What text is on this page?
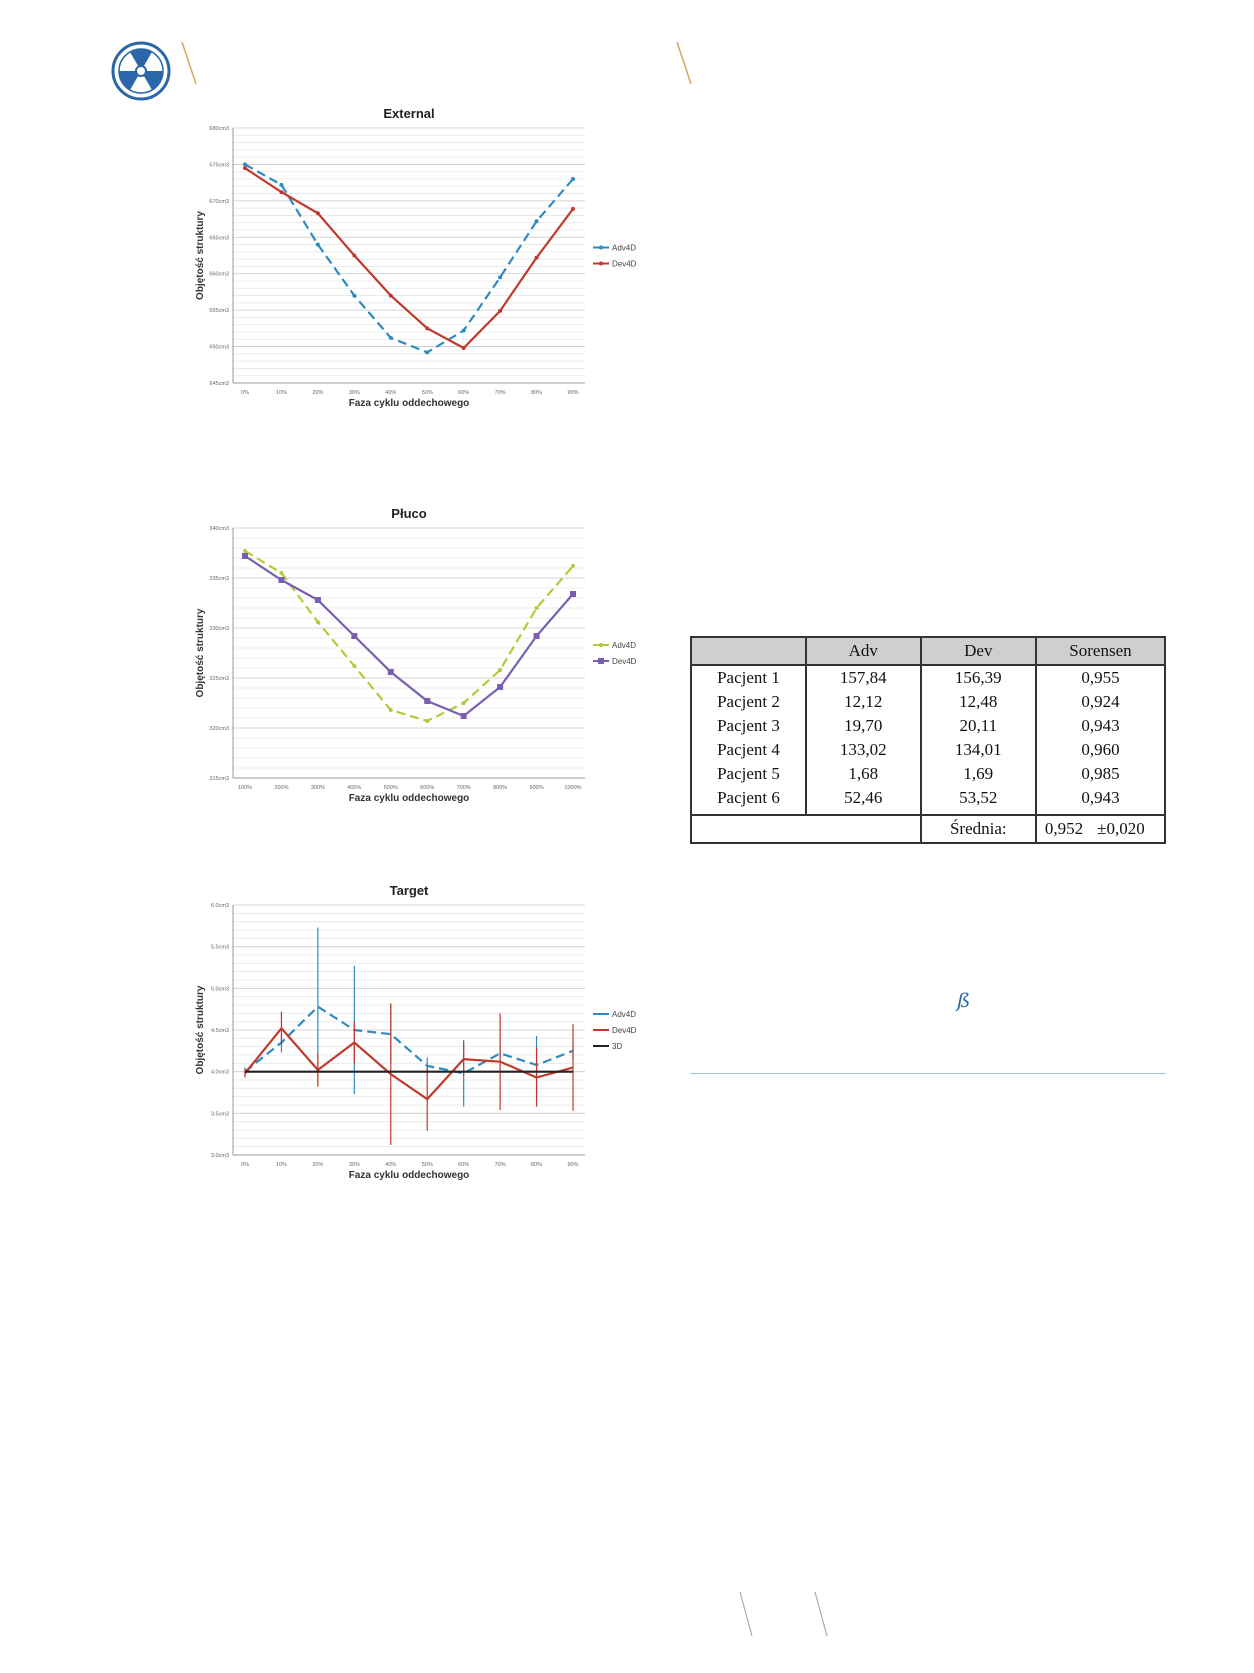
External
645cm3
650cm3
655cm3
660cm3
665cm3
670cm3
675cm3
680cm3
0%	10%	20%	30%	40%	50%	60%	70%	80%	90%
Faza cyklu oddechowego
Objętość struktury	Adv4D
Dev4D
Płuco
315cm3
320cm3
325cm3
330cm3
335cm3
340cm3
100%	200%	300%	400%	500%	600%	700%	800%	900%	1000%
Faza cyklu oddechowego
Objętość struktury	Adv4D
Dev4D
Target
3.0cm3
3.5cm3
4.0cm3
4.5cm3
5.0cm3
5.5cm3
6.0cm3
0%	10%	20%	30%	40%	50%	60%	70%	80%	90%
Faza cyklu oddechowego
Objętość struktury	Adv4D
Dev4D
3D
	Adv	Dev	Sorensen
Pacjent 1	157,84	156,39	0,955
Pacjent 2	12,12	12,48	0,924
Pacjent 3	19,70	20,11	0,943
Pacjent 4	133,02	134,01	0,960
Pacjent 5	1,68	1,69	0,985
Pacjent 6	52,46	53,52	0,943
		Średnia:	0,952 ±0,020
ß
